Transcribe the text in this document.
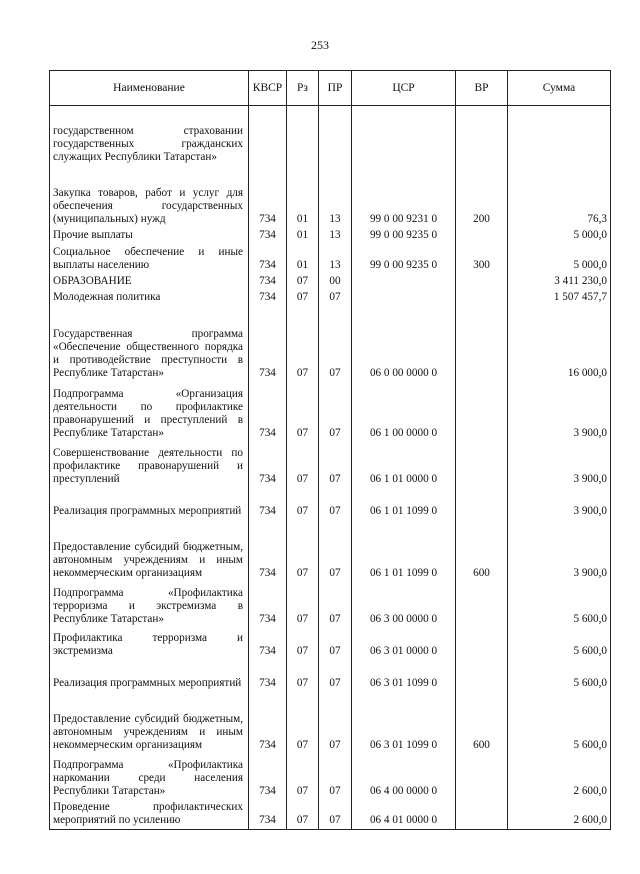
253
Наименование	КВСР	Рз	ПР	ЦСР	ВР	Сумма
государственном страховании государственных гражданских служащих Республики Татарстан»						
Закупка товаров, работ и услуг для обеспечения государственных (муниципальных) нужд	734	01	13	99 0 00 9231 0	200	76,3
Прочие выплаты	734	01	13	99 0 00 9235 0		5 000,0
Социальное обеспечение и иные выплаты населению	734	01	13	99 0 00 9235 0	300	5 000,0
ОБРАЗОВАНИЕ	734	07	00			3 411 230,0
Молодежная политика	734	07	07			1 507 457,7
Государственная программа «Обеспечение общественного порядка и противодействие преступности в Республике Татарстан»	734	07	07	06 0 00 0000 0		16 000,0
Подпрограмма «Организация деятельности по профилактике правонарушений и преступлений в Республике Татарстан»	734	07	07	06 1 00 0000 0		3 900,0
Совершенствование деятельности по профилактике правонарушений и преступлений	734	07	07	06 1 01 0000 0		3 900,0
Реализация программных мероприятий	734	07	07	06 1 01 1099 0		3 900,0
Предоставление субсидий бюджетным, автономным учреждениям и иным некоммерческим организациям	734	07	07	06 1 01 1099 0	600	3 900,0
Подпрограмма «Профилактика терроризма и экстремизма в Республике Татарстан»	734	07	07	06 3 00 0000 0		5 600,0
Профилактика терроризма и экстремизма	734	07	07	06 3 01 0000 0		5 600,0
Реализация программных мероприятий	734	07	07	06 3 01 1099 0		5 600,0
Предоставление субсидий бюджетным, автономным учреждениям и иным некоммерческим организациям	734	07	07	06 3 01 1099 0	600	5 600,0
Подпрограмма «Профилактика наркомании среди населения Республики Татарстан»	734	07	07	06 4 00 0000 0		2 600,0
Проведение профилактических мероприятий по усилению	734	07	07	06 4 01 0000 0		2 600,0
